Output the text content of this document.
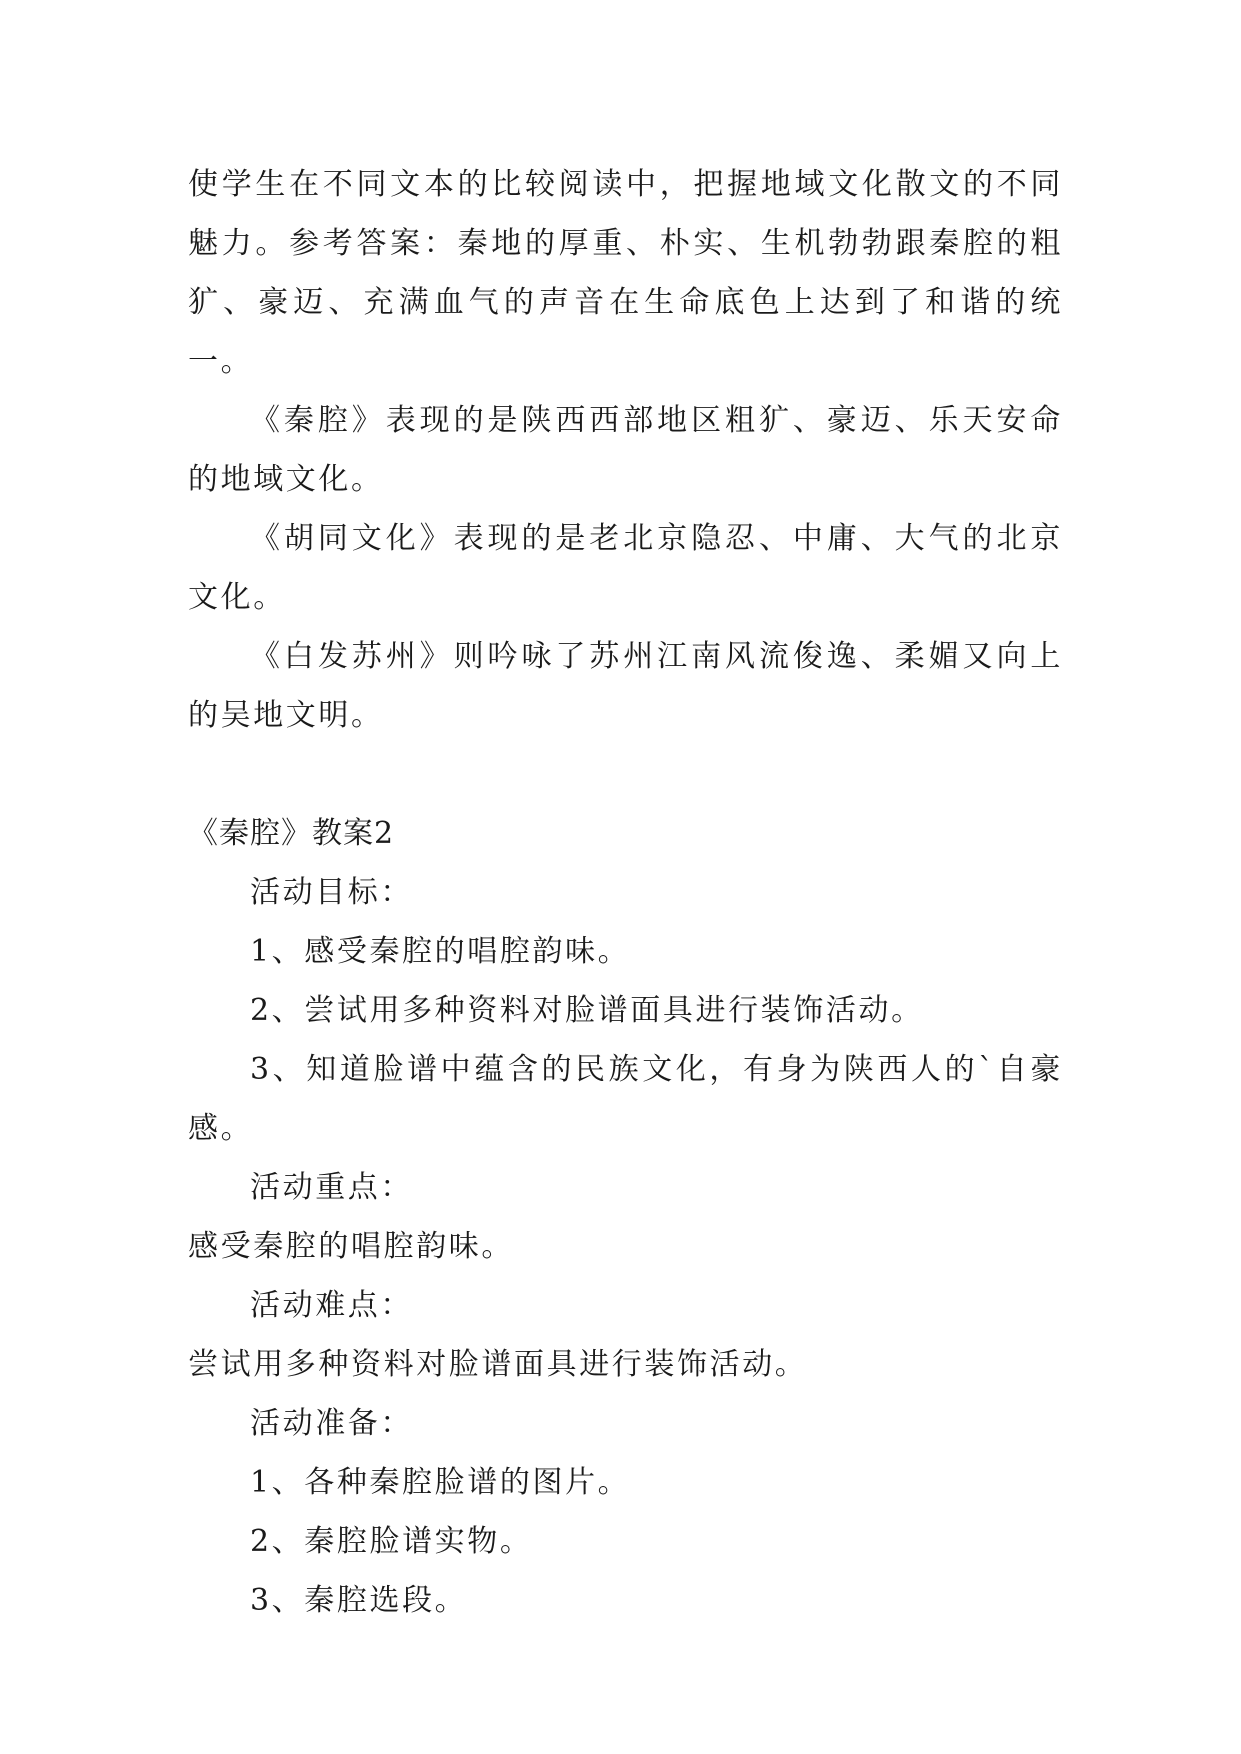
使学生在不同文本的比较阅读中，把握地域文化散文的不同魅力。参考答案：秦地的厚重、朴实、生机勃勃跟秦腔的粗犷、豪迈、充满血气的声音在生命底色上达到了和谐的统一。

《秦腔》表现的是陕西西部地区粗犷、豪迈、乐天安命的地域文化。

《胡同文化》表现的是老北京隐忍、中庸、大气的北京文化。

《白发苏州》则吟咏了苏州江南风流俊逸、柔媚又向上的吴地文明。

《秦腔》教案2

活动目标：

1、感受秦腔的唱腔韵味。

2、尝试用多种资料对脸谱面具进行装饰活动。

3、知道脸谱中蕴含的民族文化，有身为陕西人的`自豪感。

活动重点：

感受秦腔的唱腔韵味。

活动难点：

尝试用多种资料对脸谱面具进行装饰活动。

活动准备：

1、各种秦腔脸谱的图片。

2、秦腔脸谱实物。

3、秦腔选段。
